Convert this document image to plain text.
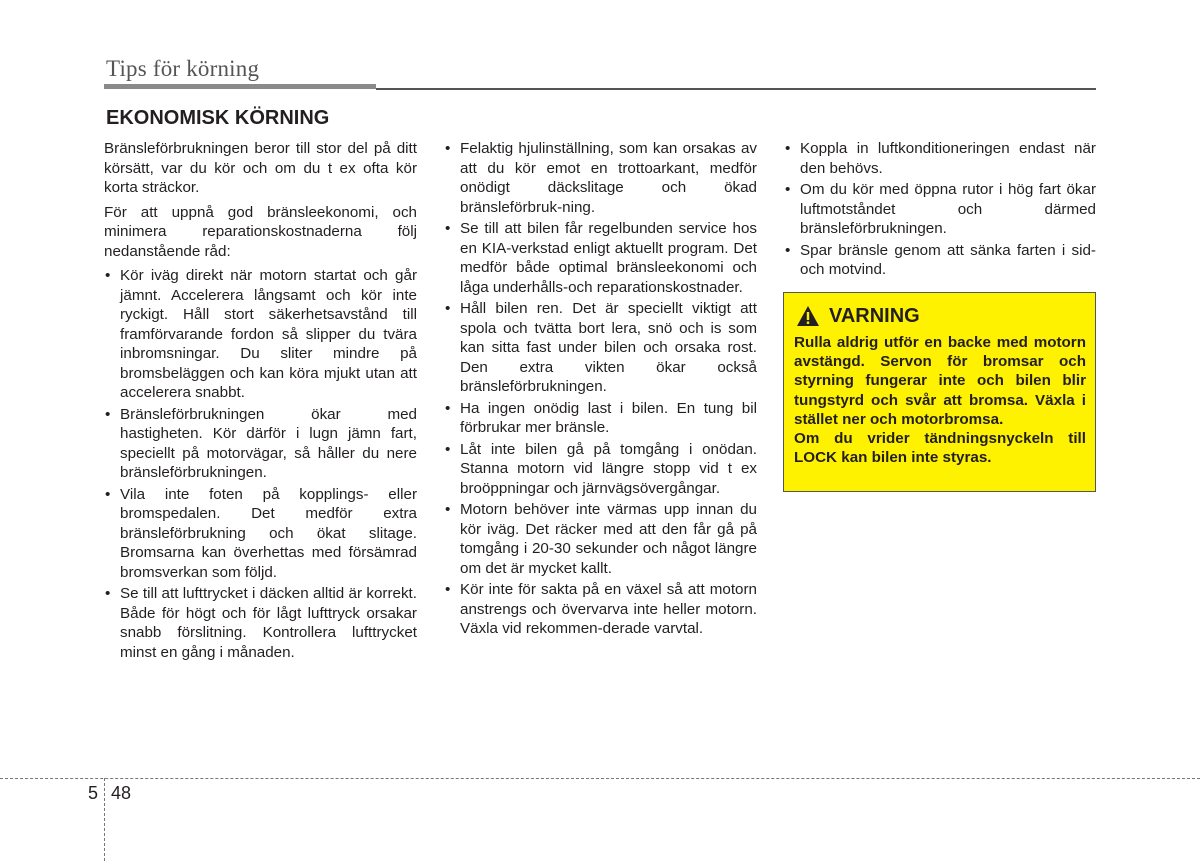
Tips för körning
EKONOMISK KÖRNING

Bränsleförbrukningen beror till stor del på ditt körsätt, var du kör och om du t ex ofta kör korta sträckor.

För att uppnå god bränsleekonomi, och minimera reparationskostnaderna följ nedanstående råd:

• Kör iväg direkt när motorn startat och går jämnt. Accelerera långsamt och kör inte ryckigt. Håll stort säkerhetsavstånd till framförvarande fordon så slipper du tvära inbromsningar. Du sliter mindre på bromsbeläggen och kan köra mjukt utan att accelerera snabbt.
• Bränsleförbrukningen ökar med hastigheten. Kör därför i lugn jämn fart, speciellt på motorvägar, så håller du nere bränsleförbrukningen.
• Vila inte foten på kopplings- eller bromspedalen. Det medför extra bränsleförbrukning och ökat slitage. Bromsarna kan överhettas med försämrad bromsverkan som följd.
• Se till att lufttrycket i däcken alltid är korrekt. Både för högt och för lågt lufttryck orsakar snabb förslitning. Kontrollera lufttrycket minst en gång i månaden.
• Felaktig hjulinställning, som kan orsakas av att du kör emot en trottoarkant, medför onödigt däckslitage och ökad bränsleförbruk-ning.
• Se till att bilen får regelbunden service hos en KIA-verkstad enligt aktuellt program. Det medför både optimal bränsleekonomi och låga underhålls-och reparationskostnader.
• Håll bilen ren. Det är speciellt viktigt att spola och tvätta bort lera, snö och is som kan sitta fast under bilen och orsaka rost. Den extra vikten ökar också bränsleförbrukningen.
• Ha ingen onödig last i bilen. En tung bil förbrukar mer bränsle.
• Låt inte bilen gå på tomgång i onödan. Stanna motorn vid längre stopp vid t ex broöppningar och järnvägsövergångar.
• Motorn behöver inte värmas upp innan du kör iväg. Det räcker med att den får gå på tomgång i 20-30 sekunder och något längre om det är mycket kallt.
• Kör inte för sakta på en växel så att motorn anstrengs och övervarva inte heller motorn. Växla vid rekommen-derade varvtal.
• Koppla in luftkonditioneringen endast när den behövs.
• Om du kör med öppna rutor i hög fart ökar luftmotståndet och därmed bränsleförbrukningen.
• Spar bränsle genom att sänka farten i sid- och motvind.
VARNING

Rulla aldrig utför en backe med motorn avstängd. Servon för bromsar och styrning fungerar inte och bilen blir tungstyrd och svår att bromsa. Växla i stället ner och motorbromsa.

Om du vrider tändningsnyckeln till LOCK kan bilen inte styras.

5 48
